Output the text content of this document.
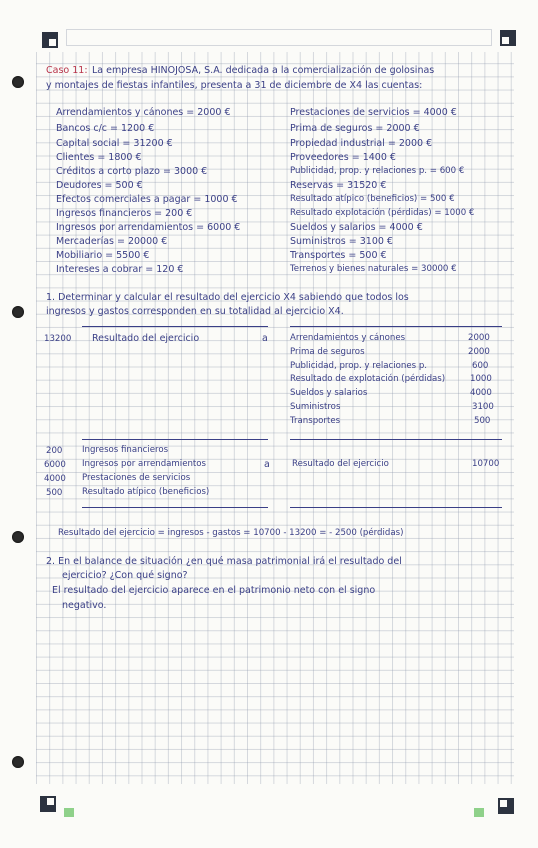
Caso 11: La empresa HINOJOSA, S.A. dedicada a la comercialización de golosinas
y montajes de fiestas infantiles, presenta a 31 de diciembre de X4 las cuentas:
Arrendamientos y cánones = 2000 €
Bancos c/c = 1200 €
Capital social = 31200 €
Clientes = 1800 €
Créditos a corto plazo = 3000 €
Deudores = 500 €
Efectos comerciales a pagar = 1000 €
Ingresos financieros = 200 €
Ingresos por arrendamientos = 6000 €
Mercaderías = 20000 €
Mobiliario = 5500 €
Intereses a cobrar = 120 €
Prestaciones de servicios = 4000 €
Prima de seguros = 2000 €
Propiedad industrial = 2000 €
Proveedores = 1400 €
Publicidad, prop. y relaciones p. = 600 €
Reservas = 31520 €
Resultado atípico (beneficios) = 500 €
Resultado explotación (pérdidas) = 1000 €
Sueldos y salarios = 4000 €
Suministros = 3100 €
Transportes = 500 €
Terrenos y bienes naturales = 30000 €
1. Determinar y calcular el resultado del ejercicio X4 sabiendo que todos los
ingresos y gastos corresponden en su totalidad al ejercicio X4.
13200 Resultado del ejercicio	a	Arrendamientos y cánones	2000
Prima de seguros	2000
Publicidad, prop. y relaciones p.	600
Resultado de explotación (pérdidas)	1000
Sueldos y salarios	4000
Suministros	3100
Transportes	500
200 Ingresos financieros
6000 Ingresos por arrendamientos
4000 Prestaciones de servicios
500 Resultado atípico (beneficios)
a	Resultado del ejercicio	10700
Resultado del ejercicio = ingresos - gastos = 10700 - 13200 = - 2500 (pérdidas)
2. En el balance de situación ¿en qué masa patrimonial irá el resultado del
ejercicio? ¿Con qué signo?
El resultado del ejercicio aparece en el patrimonio neto con el signo
negativo.
